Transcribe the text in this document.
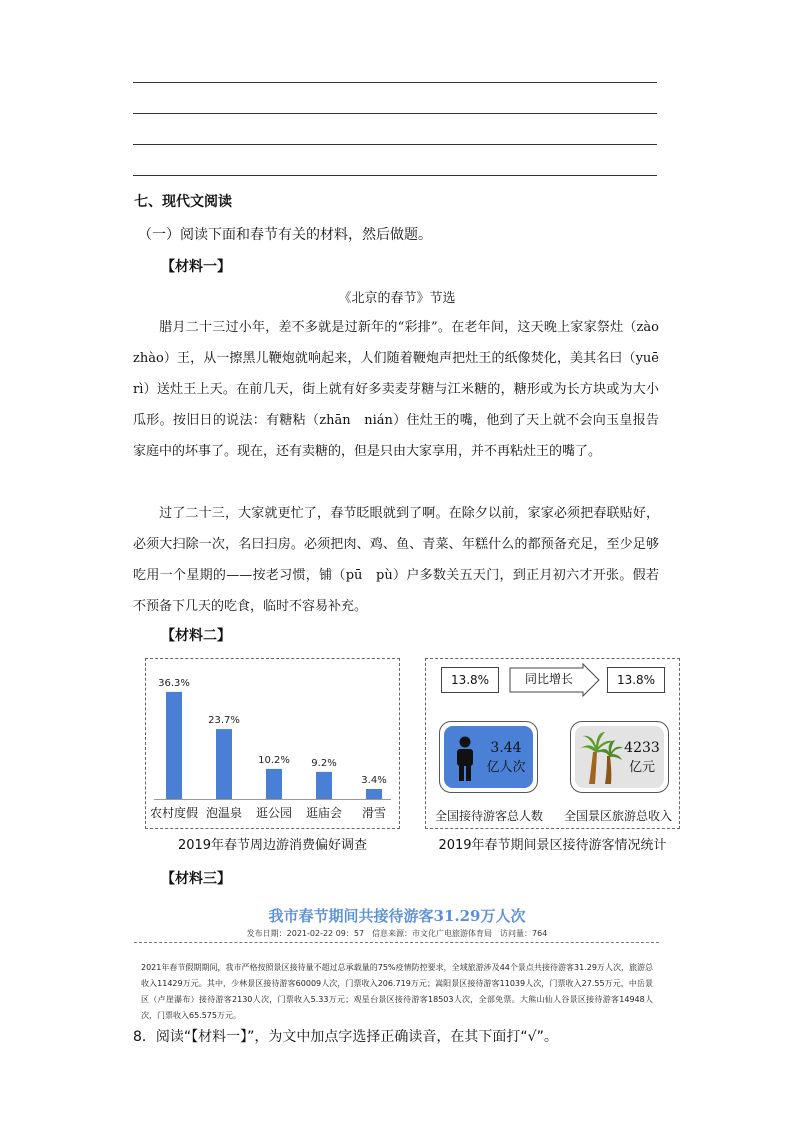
七、现代文阅读
（一）阅读下面和春节有关的材料，然后做题。
【材料一】
《北京的春节》节选

腊月二十三过小年，差不多就是过新年的“彩排”。在老年间，这天晚上家家祭灶（zào　zhào）王，从一擦黑儿鞭炮就响起来，人们随着鞭炮声把灶王的纸像焚化，美其名曰（yuē　rì）送灶王上天。在前几天，街上就有好多卖麦芽糖与江米糖的，糖形或为长方块或为大小瓜形。按旧日的说法：有糖粘（zhān　nián）住灶王的嘴，他到了天上就不会向玉皇报告家庭中的坏事了。现在，还有卖糖的，但是只由大家享用，并不再粘灶王的嘴了。

过了二十三，大家就更忙了，春节眨眼就到了啊。在除夕以前，家家必须把春联贴好，必须大扫除一次，名曰扫房。必须把肉、鸡、鱼、青菜、年糕什么的都预备充足，至少足够吃用一个星期的——按老习惯，铺（pū　pù）户多数关五天门，到正月初六才开张。假若不预备下几天的吃食，临时不容易补充。

【材料二】
36.3%
农村度假
23.7%
泡温泉
10.2%
逛公园
9.2%
逛庙会
3.4%
滑雪
2019年春节周边游消费偏好调查
13.8%	同比增长	13.8%
3.44
亿人次
4233
亿元
全国接待游客总人数	全国景区旅游总收入
2019年春节期间景区接待游客情况统计
【材料三】
我市春节期间共接待游客31.29万人次
发布日期：2021-02-22 09：57　信息来源：市文化广电旅游体育局　访问量：764

2021年春节假期期间，我市严格按照景区接待量不超过总承载量的75%疫情防控要求，全域旅游涉及44个景点共接待游客31.29万人次，旅游总收入11429万元。其中，少林景区接待游客60009人次，门票收入206.719万元；嵩阳景区接待游客11039人次，门票收入27.55万元，中岳景区（卢崖瀑布）接待游客2130人次，门票收入5.33万元；观星台景区接待游客18503人次，全部免票。大熊山仙人谷景区接待游客14948人次，门票收入65.575万元。

8．阅读“【材料一】”，为文中加点字选择正确读音，在其下面打“√”。
